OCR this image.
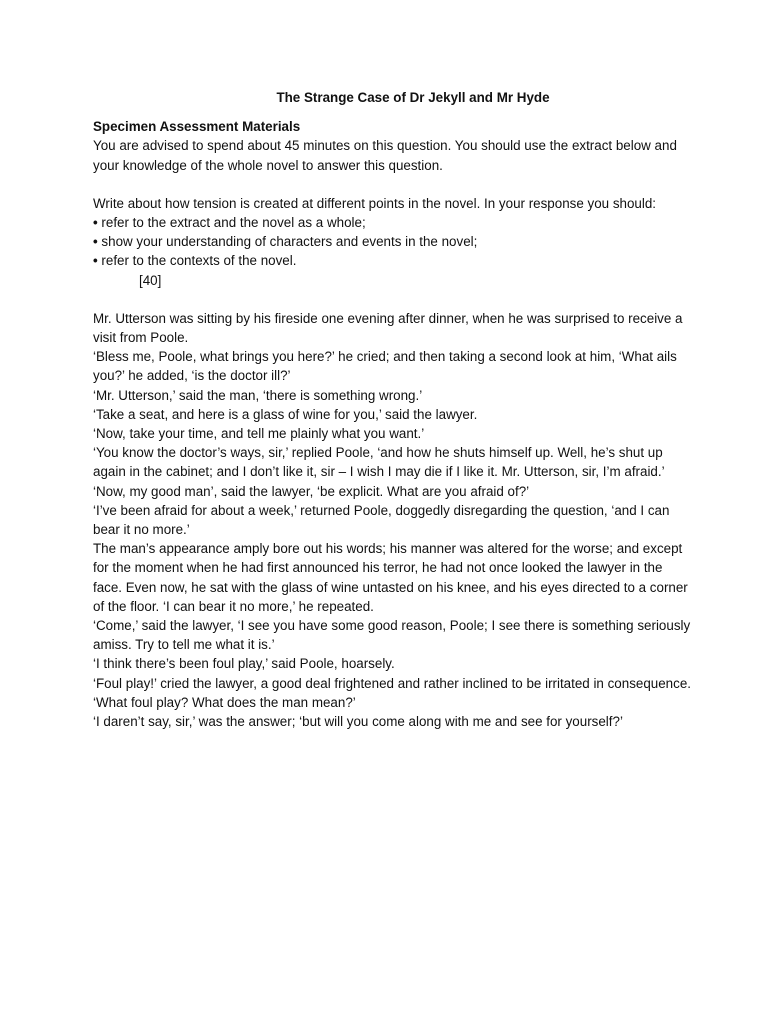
The Strange Case of Dr Jekyll and Mr Hyde

Specimen Assessment Materials

You are advised to spend about 45 minutes on this question. You should use the extract below and your knowledge of the whole novel to answer this question.

Write about how tension is created at different points in the novel. In your response you should:

• refer to the extract and the novel as a whole;
• show your understanding of characters and events in the novel;
• refer to the contexts of the novel.

[40]

Mr. Utterson was sitting by his fireside one evening after dinner, when he was surprised to receive a visit from Poole.

‘Bless me, Poole, what brings you here?’ he cried; and then taking a second look at him, ‘What ails you?’ he added, ‘is the doctor ill?’

‘Mr. Utterson,’ said the man, ‘there is something wrong.’

‘Take a seat, and here is a glass of wine for you,’ said the lawyer.

‘Now, take your time, and tell me plainly what you want.’

‘You know the doctor’s ways, sir,’ replied Poole, ‘and how he shuts himself up. Well, he’s shut up again in the cabinet; and I don’t like it, sir – I wish I may die if I like it. Mr. Utterson, sir, I’m afraid.’

‘Now, my good man’, said the lawyer, ‘be explicit. What are you afraid of?’

‘I’ve been afraid for about a week,’ returned Poole, doggedly disregarding the question, ‘and I can bear it no more.’

The man’s appearance amply bore out his words; his manner was altered for the worse; and except for the moment when he had first announced his terror, he had not once looked the lawyer in the face. Even now, he sat with the glass of wine untasted on his knee, and his eyes directed to a corner of the floor. ‘I can bear it no more,’ he repeated.

‘Come,’ said the lawyer, ‘I see you have some good reason, Poole; I see there is something seriously amiss. Try to tell me what it is.’

‘I think there’s been foul play,’ said Poole, hoarsely.

‘Foul play!’ cried the lawyer, a good deal frightened and rather inclined to be irritated in consequence. ‘What foul play? What does the man mean?’

‘I daren’t say, sir,’ was the answer; ‘but will you come along with me and see for yourself?’
